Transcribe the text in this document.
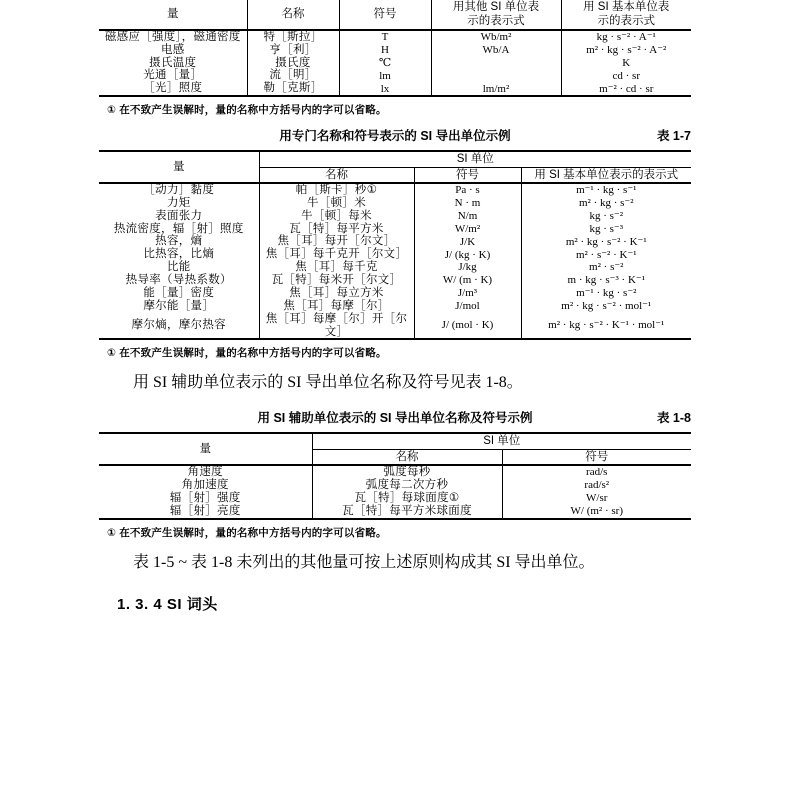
量	名称	符号	
用其他 SI 单位表
示的表示式

用 SI 基本单位表
示的表示式

磁感应［强度］，磁通密度	特［斯拉］	T	Wb/m²	kg · s⁻² · A⁻¹
电感	亨［利］	H	Wb/A	m² · kg · s⁻² · A⁻²
摄氏温度	摄氏度	℃		K
光通［量］	流［明］	lm		cd · sr
［光］照度	勒［克斯］	lx	lm/m²	m⁻² · cd · sr
① 在不致产生误解时，量的名称中方括号内的字可以省略。
用专门名称和符号表示的 SI 导出单位示例	表 1-7
量	SI 单位		
	名称	符号	用 SI 基本单位表示的表示式
［动力］黏度	帕［斯卡］秒①	Pa · s	m⁻¹ · kg · s⁻¹
力矩	牛［顿］米	N · m	m² · kg · s⁻²
表面张力	牛［顿］每米	N/m	kg · s⁻²
热流密度，辐［射］照度	瓦［特］每平方米	W/m²	kg · s⁻³
热容，熵	焦［耳］每开［尔文］	J/K	m² · kg · s⁻² · K⁻¹
比热容，比熵	焦［耳］每千克开［尔文］	J/ (kg · K)	m² · s⁻² · K⁻¹
比能	焦［耳］每千克	J/kg	m² · s⁻²
热导率（导热系数）	瓦［特］每米开［尔文］	W/ (m · K)	m · kg · s⁻³ · K⁻¹
能［量］密度	焦［耳］每立方米	J/m³	m⁻¹ · kg · s⁻²
摩尔能［量］	焦［耳］每摩［尔］	J/mol	m² · kg · s⁻² · mol⁻¹
摩尔熵，摩尔热容	焦［耳］每摩［尔］开［尔文］	J/ (mol · K)	m² · kg · s⁻² · K⁻¹ · mol⁻¹
① 在不致产生误解时，量的名称中方括号内的字可以省略。
用 SI 辅助单位表示的 SI 导出单位名称及符号见表 1-8。
用 SI 辅助单位表示的 SI 导出单位名称及符号示例	表 1-8
量	SI 单位	
	名称	符号
角速度	弧度每秒	rad/s
角加速度	弧度每二次方秒	rad/s²
辐［射］强度	瓦［特］每球面度①	W/sr
辐［射］亮度	瓦［特］每平方米球面度	W/ (m² · sr)
① 在不致产生误解时，量的名称中方括号内的字可以省略。
表 1-5 ~ 表 1-8 未列出的其他量可按上述原则构成其 SI 导出单位。
1. 3. 4 SI 词头
